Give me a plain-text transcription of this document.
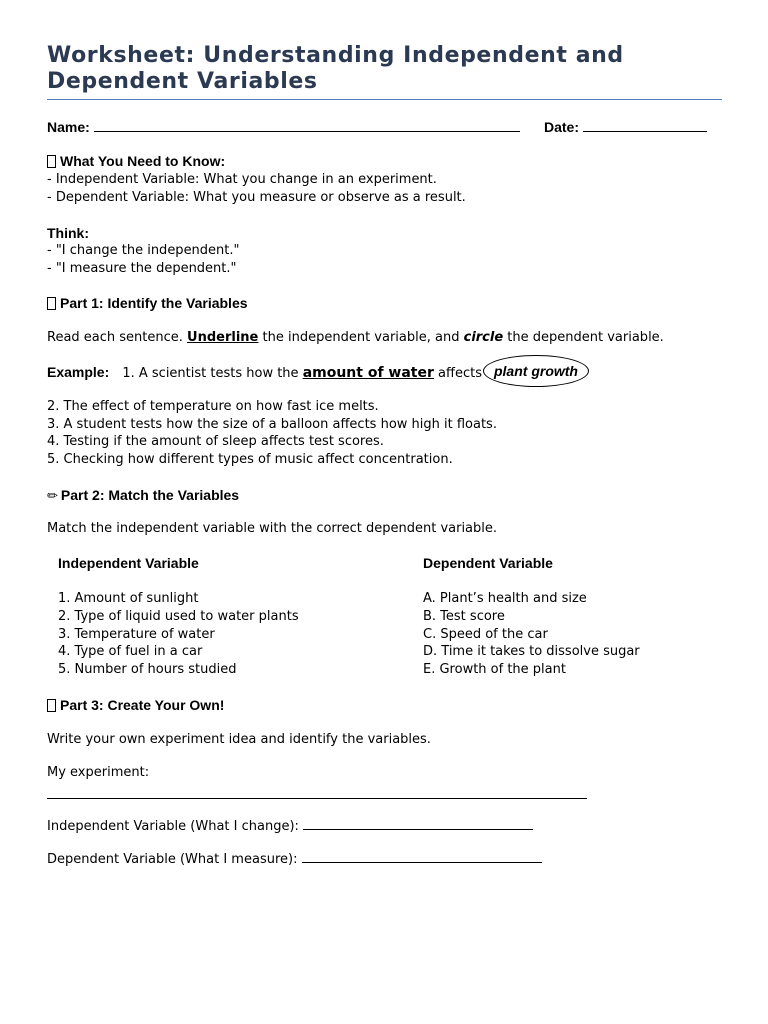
Worksheet: Understanding Independent and Dependent Variables
Name:	Date:
What You Need to Know:
- Independent Variable: What you change in an experiment.
- Dependent Variable: What you measure or observe as a result.
Think:
- "I change the independent."
- "I measure the dependent."
Part 1: Identify the Variables
Read each sentence. Underline the independent variable, and circle the dependent variable.
Example: 1. A scientist tests how the amount of water affects plant growth
2. The effect of temperature on how fast ice melts.
3. A student tests how the size of a balloon affects how high it floats.
4. Testing if the amount of sleep affects test scores.
5. Checking how different types of music affect concentration.
✏ Part 2: Match the Variables
Match the independent variable with the correct dependent variable.
Independent Variable	Dependent Variable
1. Amount of sunlight
2. Type of liquid used to water plants
3. Temperature of water
4. Type of fuel in a car
5. Number of hours studied
A. Plant’s health and size
B. Test score
C. Speed of the car
D. Time it takes to dissolve sugar
E. Growth of the plant
Part 3: Create Your Own!
Write your own experiment idea and identify the variables.
My experiment:
Independent Variable (What I change):
Dependent Variable (What I measure):
